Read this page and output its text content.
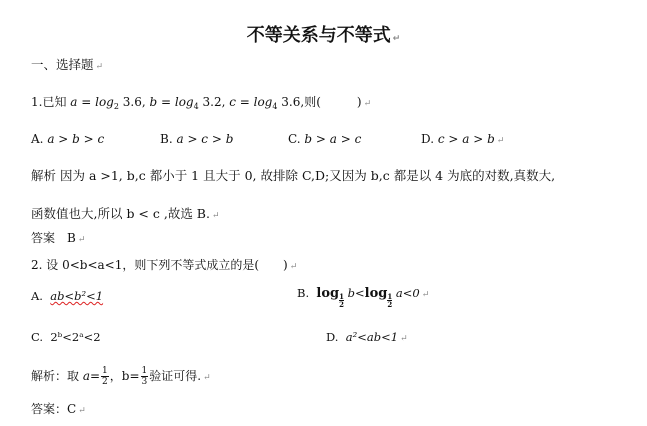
不等关系与不等式 ↵
一、选择题 ↵
1.已知 $a = \log_2 3.6$, $b = \log_4 3.2$, $c = \log_4 3.6$,则(　　　) ↵
A. a > b > c	B. a > c > b	C. b > a > c	D. c > a > b ↵
解析 因为 a >1, b,c 都小于 1 且大于 0, 故排除 C,D;又因为 b,c 都是以 4 为底的对数,真数大,
函数值也大,所以 b < c ,故选 B. ↵
答案　B ↵
2. 设 0<b<a<1，则下列不等式成立的是(　　) ↵
A. ab<b²<1	B. $\log \frac{1}{2} b<\log \frac{1}{2} a<0$ ↵
C. 2ᵇ<2ᵃ<2	D. a²<ab<1 ↵
解析：取 $a= \frac{1}{2}$ ，$b= \frac{1}{3}$ 验证可得. ↵
答案：C ↵
